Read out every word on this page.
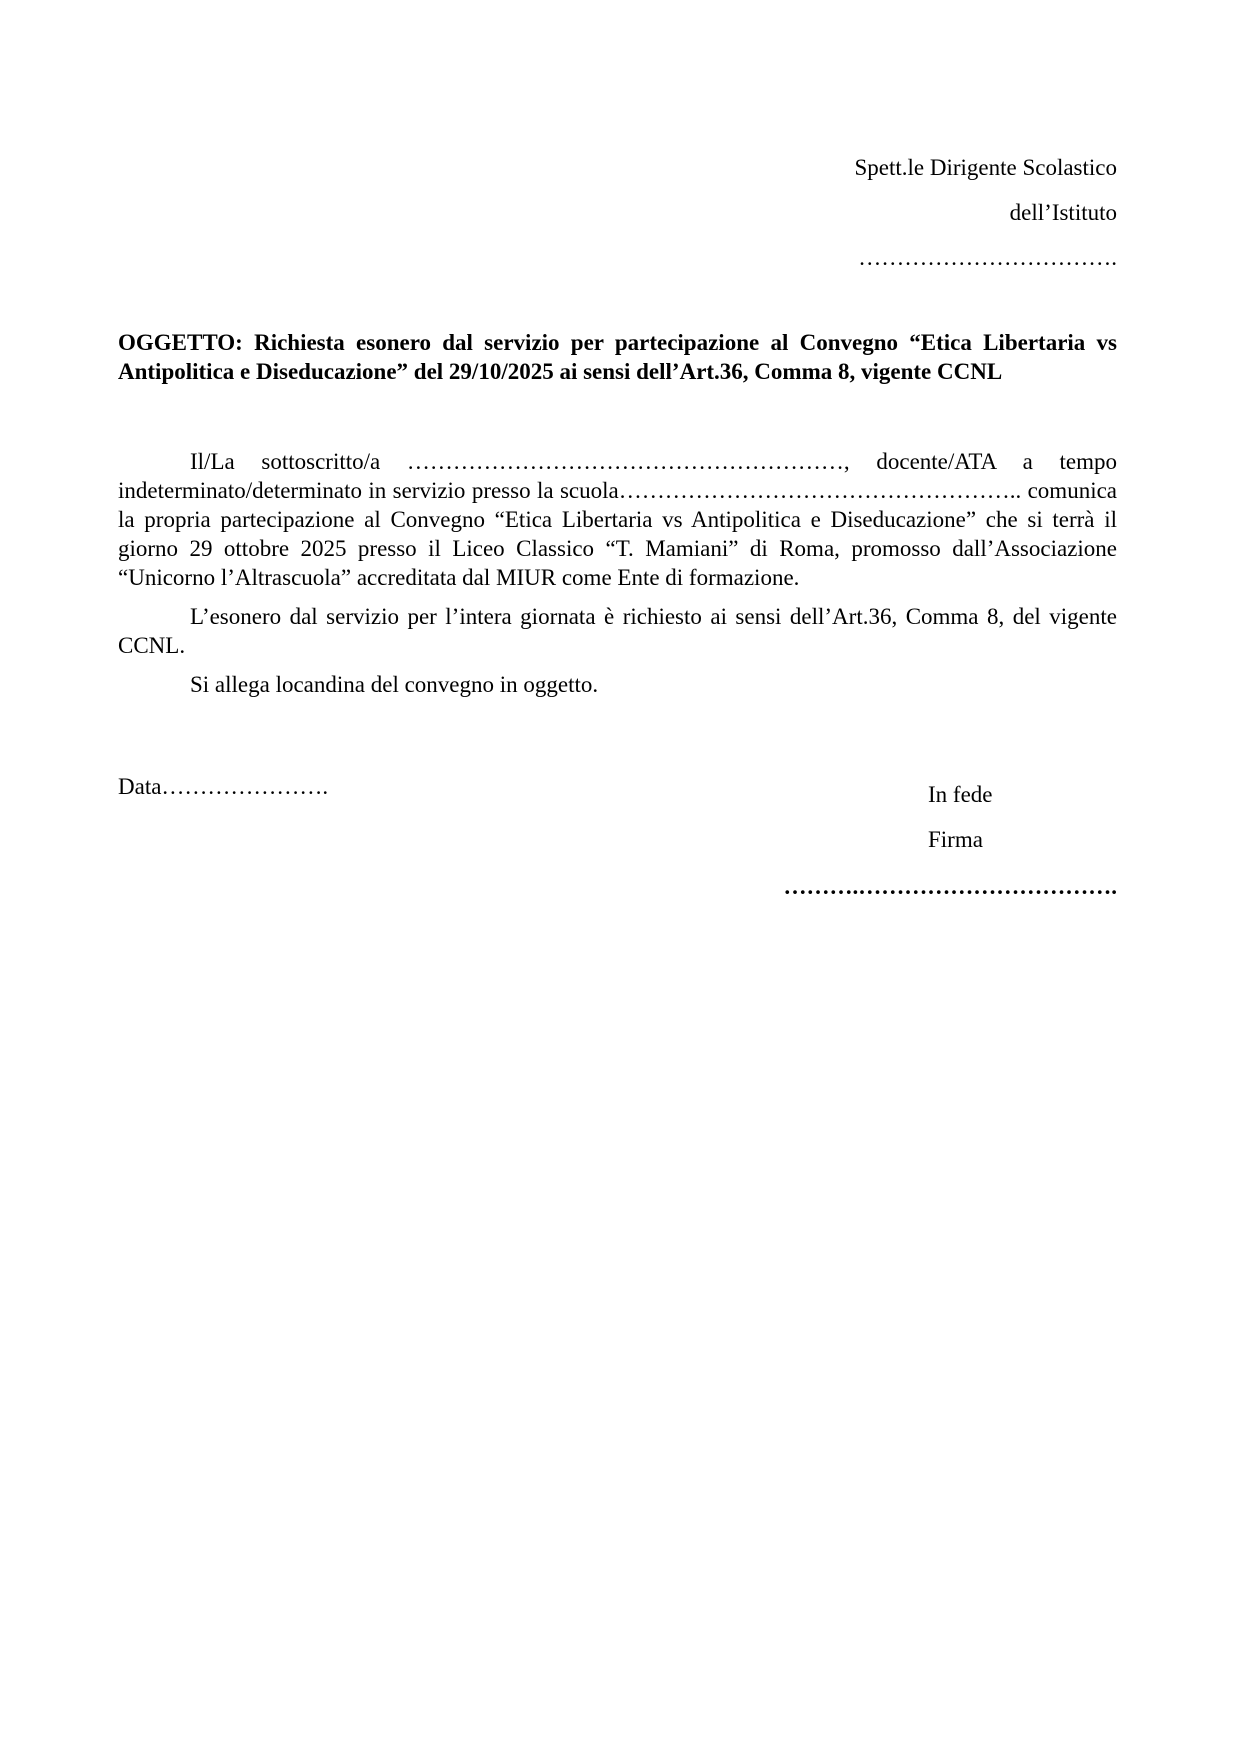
Spett.le Dirigente Scolastico
dell’Istituto
…………………………….
OGGETTO: Richiesta esonero dal servizio per partecipazione al Convegno “Etica Libertaria vs Antipolitica e Diseducazione” del 29/10/2025 ai sensi dell’Art.36, Comma 8, vigente CCNL

Il/La sottoscritto/a …………………………………………………, docente/ATA a tempo indeterminato/determinato in servizio presso la scuola…………………………………………….. comunica la propria partecipazione al Convegno “Etica Libertaria vs Antipolitica e Diseducazione” che si terrà il giorno 29 ottobre 2025 presso il Liceo Classico “T. Mamiani” di Roma, promosso dall’Associazione “Unicorno l’Altrascuola” accreditata dal MIUR come Ente di formazione.

L’esonero dal servizio per l’intera giornata è richiesto ai sensi dell’Art.36, Comma 8, del vigente CCNL.

Si allega locandina del convegno in oggetto.

Data………………….	In fede
Firma
……….…………………………….
